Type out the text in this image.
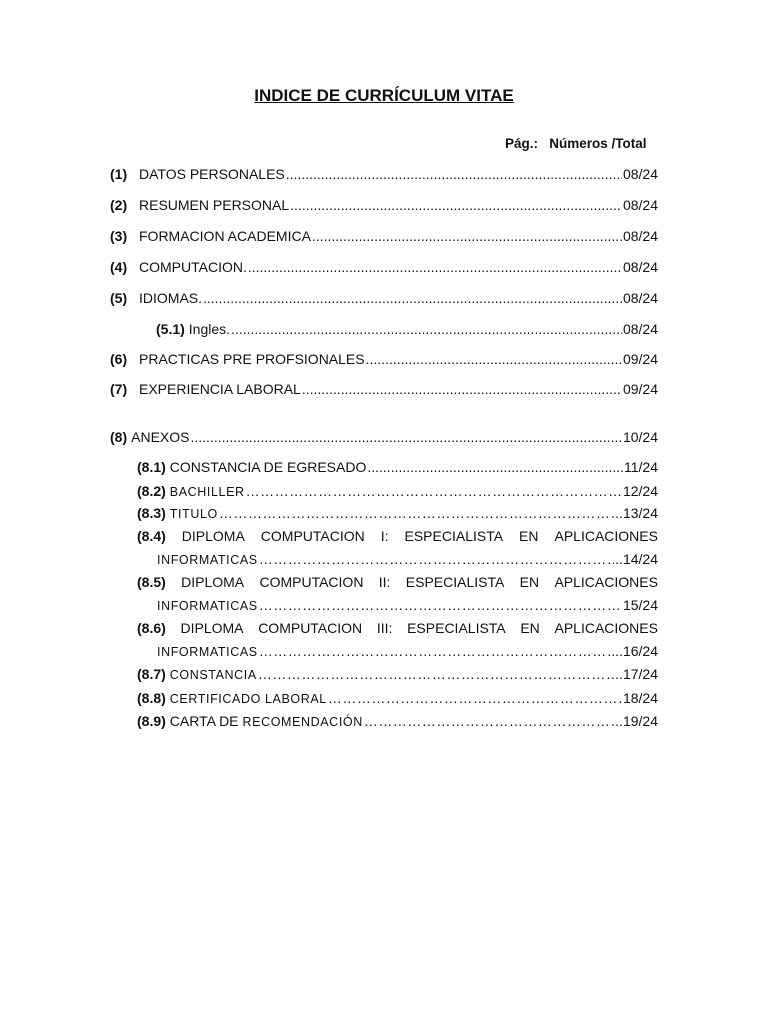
INDICE DE CURRÍCULUM VITAE
Pág.: Números /Total
(1) DATOS PERSONALES .....	08/24
(2) RESUMEN PERSONAL .....	08/24
(3) FORMACION ACADEMICA .....	08/24
(4) COMPUTACION. .....	08/24
(5) IDIOMAS. .....	08/24
(5.1) Ingles. .....	08/24
(6) PRACTICAS PRE PROFSIONALES .....	09/24
(7) EXPERIENCIA LABORAL .....	09/24
(8) ANEXOS .....	10/24
(8.1) CONSTANCIA DE EGRESADO .....	11/24
(8.2) BACHILLER ……………………………………………………………………………………………………………………………………………………………………………………	12/24
(8.3) TITULO ……………………………………………………………………………………………………………………………………………………………………………………	..13/24
(8.4) DIPLOMA COMPUTACION I: ESPECIALISTA EN APLICACIONES
INFORMATICAS ……………………………………………………………………………………………………………………………………………………………………………………	..14/24
(8.5) DIPLOMA COMPUTACION II: ESPECIALISTA EN APLICACIONES
INFORMATICAS ……………………………………………………………………………………………………………………………………………………………………………………	15/24
(8.6) DIPLOMA COMPUTACION III: ESPECIALISTA EN APLICACIONES
INFORMATICAS ……………………………………………………………………………………………………………………………………………………………………………………	...16/24
(8.7) CONSTANCIA ……………………………………………………………………………………………………………………………………………………………………………………	..17/24
(8.8) CERTIFICADO LABORAL ……………………………………………………………………………………………………………………………………………………………………………………	18/24
(8.9) CARTA DE RECOMENDACIÓN ……………………………………………………………………………………………………………………………………………………………………………………	..19/24
